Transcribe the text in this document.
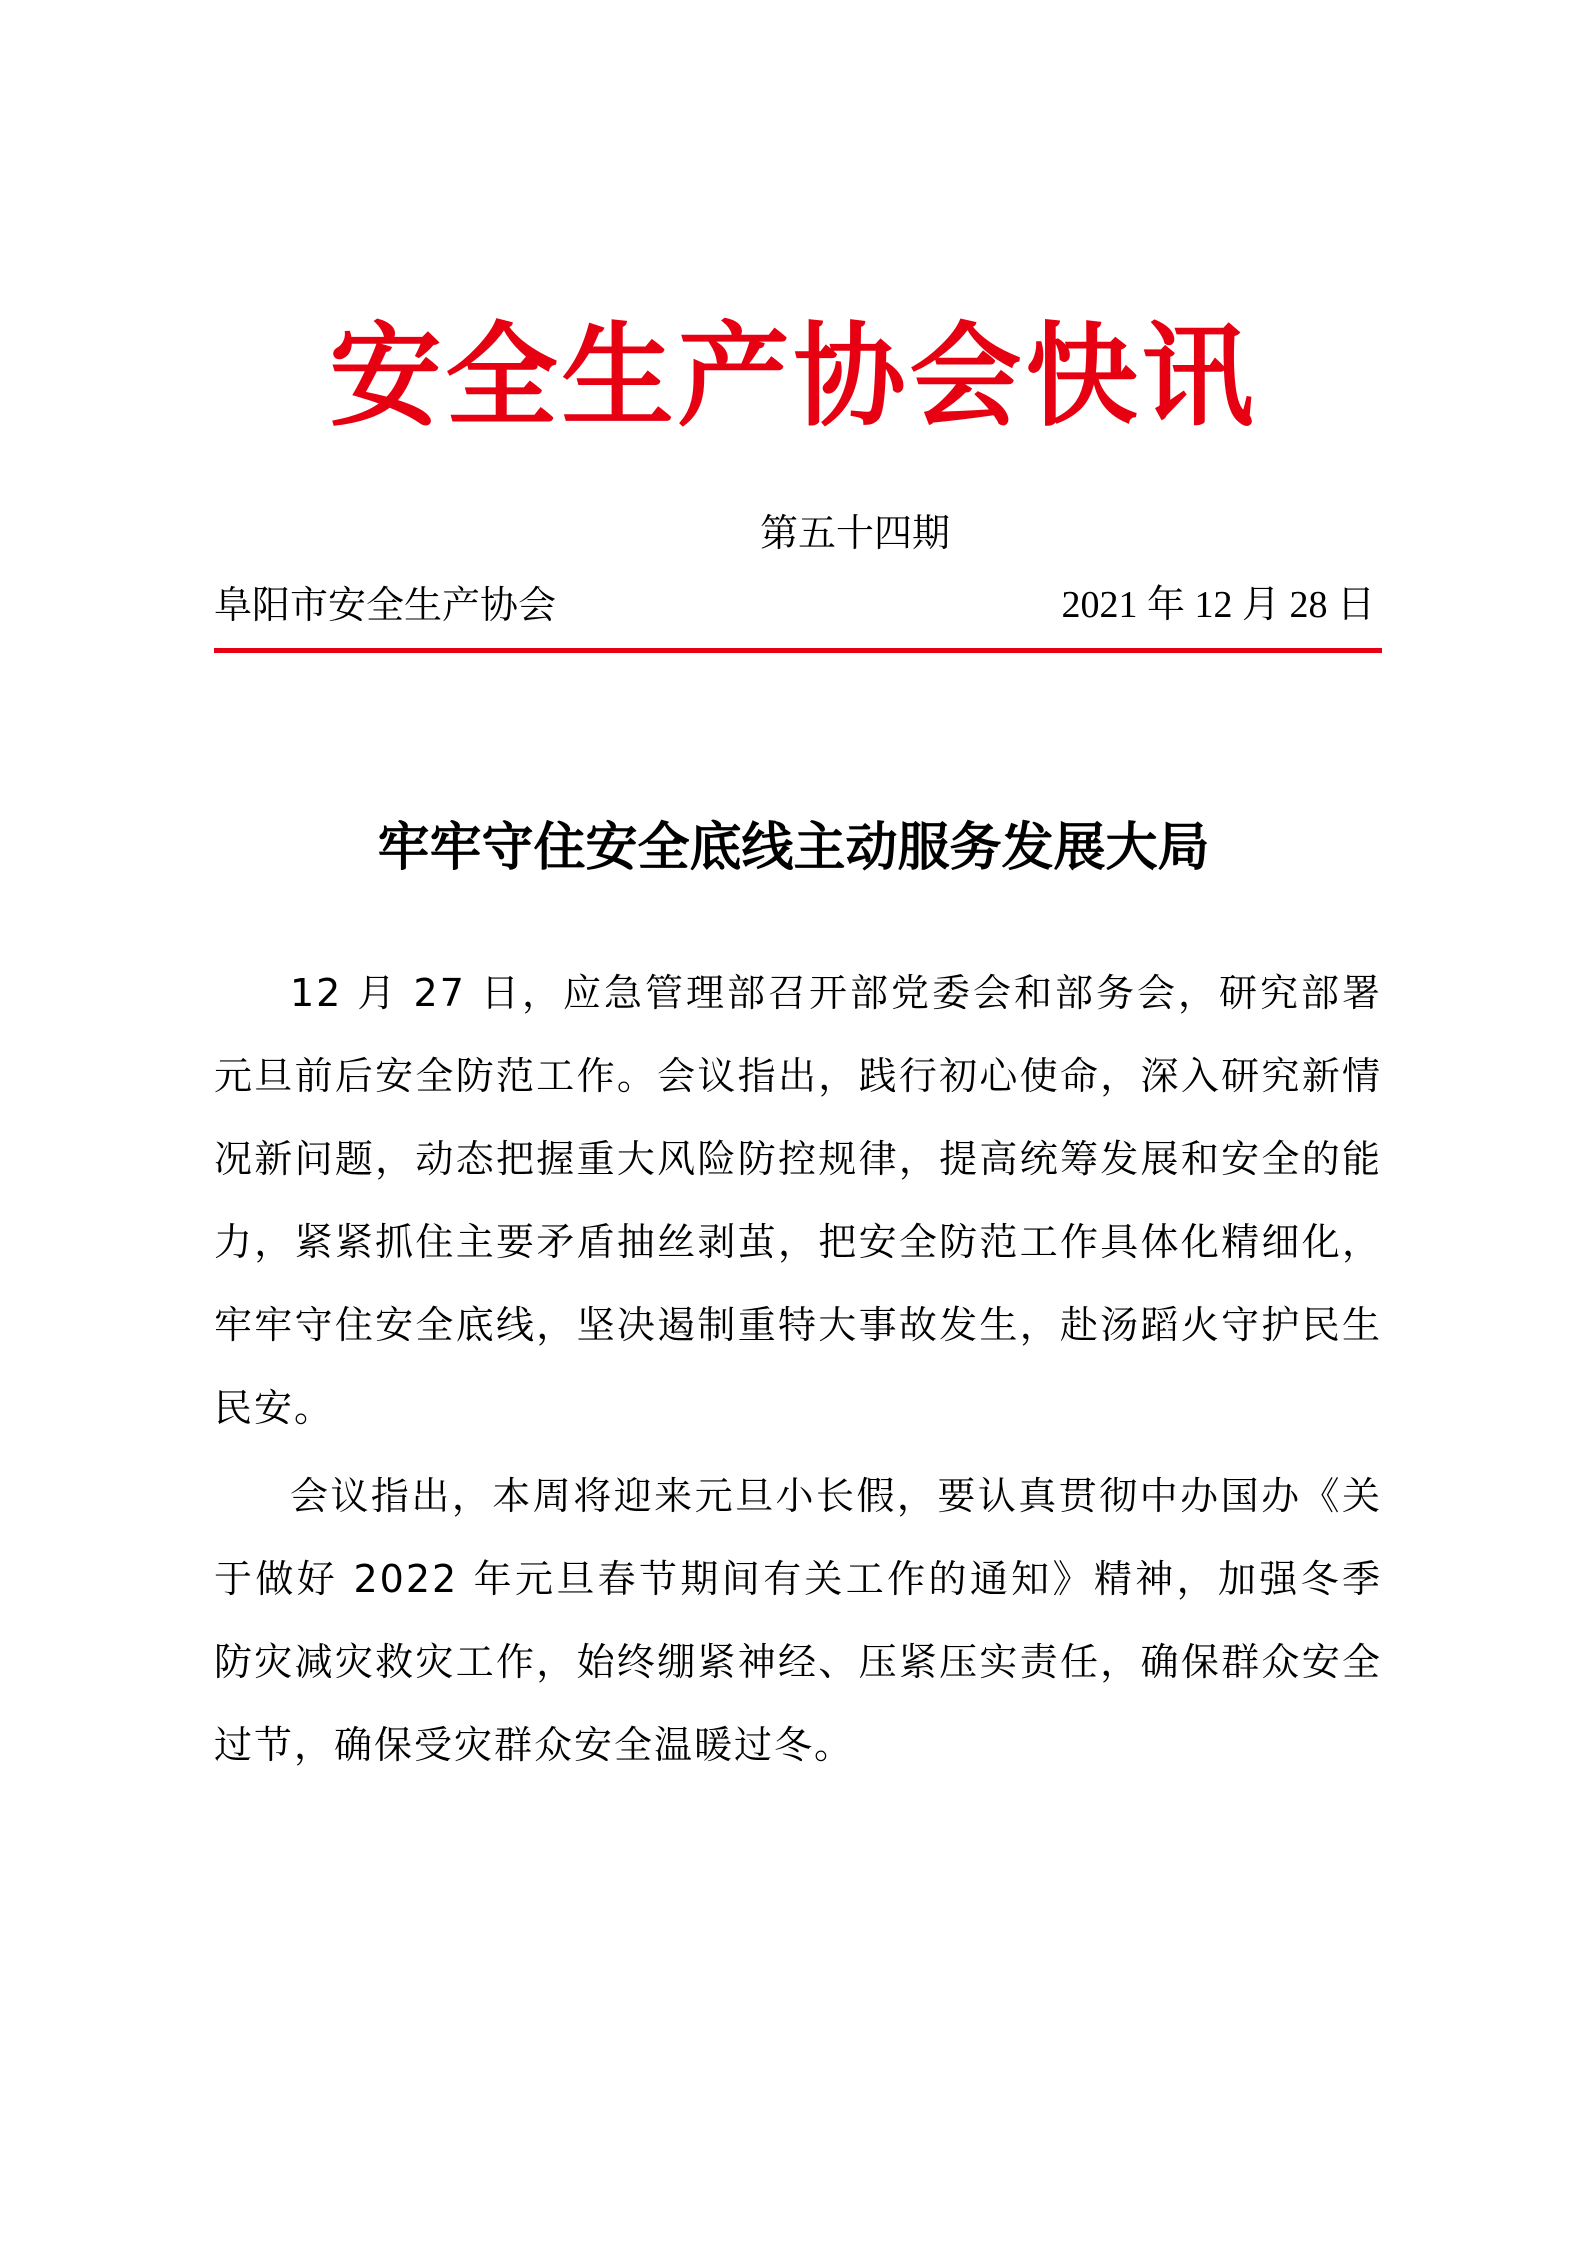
安全生产协会快讯
第五十四期
阜阳市安全生产协会	2021 年 12 月 28 日
牢牢守住安全底线主动服务发展大局

12 月 27 日，应急管理部召开部党委会和部务会，研究部署元旦前后安全防范工作。会议指出，践行初心使命，深入研究新情况新问题，动态把握重大风险防控规律，提高统筹发展和安全的能力，紧紧抓住主要矛盾抽丝剥茧，把安全防范工作具体化精细化，牢牢守住安全底线，坚决遏制重特大事故发生，赴汤蹈火守护民生民安。

会议指出，本周将迎来元旦小长假，要认真贯彻中办国办《关于做好 2022 年元旦春节期间有关工作的通知》精神，加强冬季防灾减灾救灾工作，始终绷紧神经、压紧压实责任，确保群众安全过节，确保受灾群众安全温暖过冬。
